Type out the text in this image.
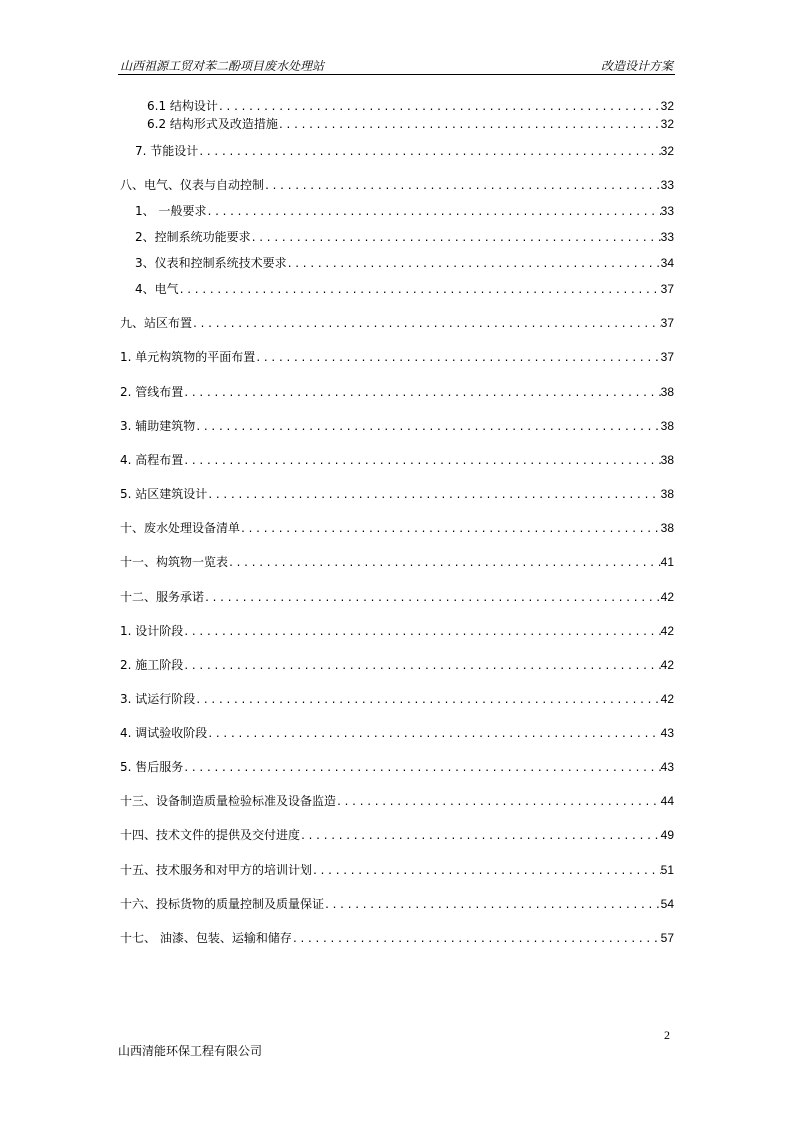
山西祖源工贸对苯二酚项目废水处理站	改造设计方案
6.1 结构设计 .....	32
6.2 结构形式及改造措施 .....	32
7. 节能设计 .....	32
八、电气、仪表与自动控制 .....	33
1、 一般要求 .....	33
2、控制系统功能要求 .....	33
3、仪表和控制系统技术要求 .....	34
4、电气 .....	37
九、站区布置 .....	37
1. 单元构筑物的平面布置 .....	37
2. 管线布置 .....	38
3. 辅助建筑物 .....	38
4. 高程布置 .....	38
5. 站区建筑设计 .....	38
十、废水处理设备清单 .....	38
十一、构筑物一览表 .....	41
十二、服务承诺 .....	42
1. 设计阶段 .....	42
2. 施工阶段 .....	42
3. 试运行阶段 .....	42
4. 调试验收阶段 .....	43
5. 售后服务 .....	43
十三、设备制造质量检验标准及设备监造 .....	44
十四、技术文件的提供及交付进度 .....	49
十五、技术服务和对甲方的培训计划 .....	51
十六、投标货物的质量控制及质量保证 .....	54
十七、 油漆、包装、运输和储存 .....	57
2
山西清能环保工程有限公司
